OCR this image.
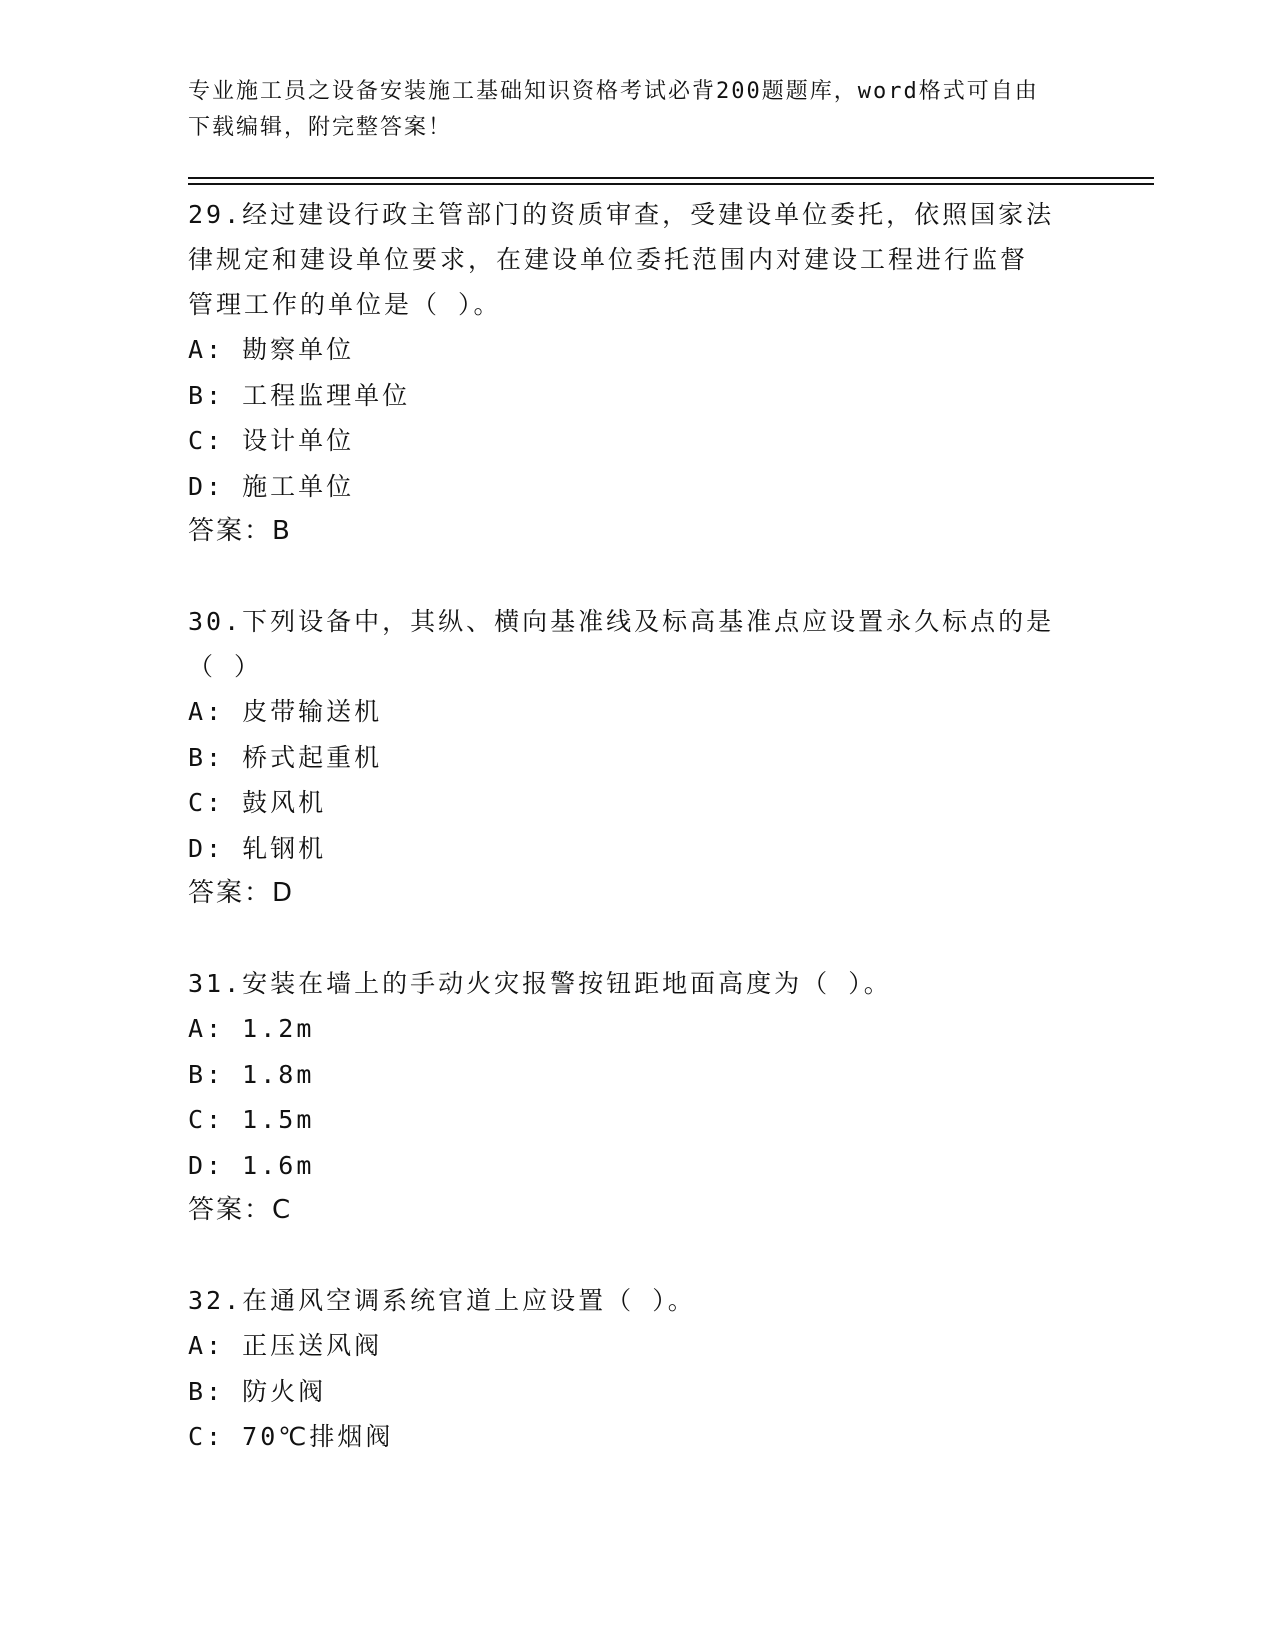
专业施工员之设备安装施工基础知识资格考试必背200题题库，word格式可自由
下载编辑，附完整答案！
29.经过建设行政主管部门的资质审查，受建设单位委托，依照国家法
律规定和建设单位要求，在建设单位委托范围内对建设工程进行监督
管理工作的单位是（ ）。
A: 勘察单位
B: 工程监理单位
C: 设计单位
D: 施工单位
答案：B
30.下列设备中，其纵、横向基准线及标高基准点应设置永久标点的是
（ ）
A: 皮带输送机
B: 桥式起重机
C: 鼓风机
D: 轧钢机
答案：D
31.安装在墙上的手动火灾报警按钮距地面高度为（ ）。
A: 1.2m
B: 1.8m
C: 1.5m
D: 1.6m
答案：C
32.在通风空调系统官道上应设置（ ）。
A: 正压送风阀
B: 防火阀
C: 70℃排烟阀
